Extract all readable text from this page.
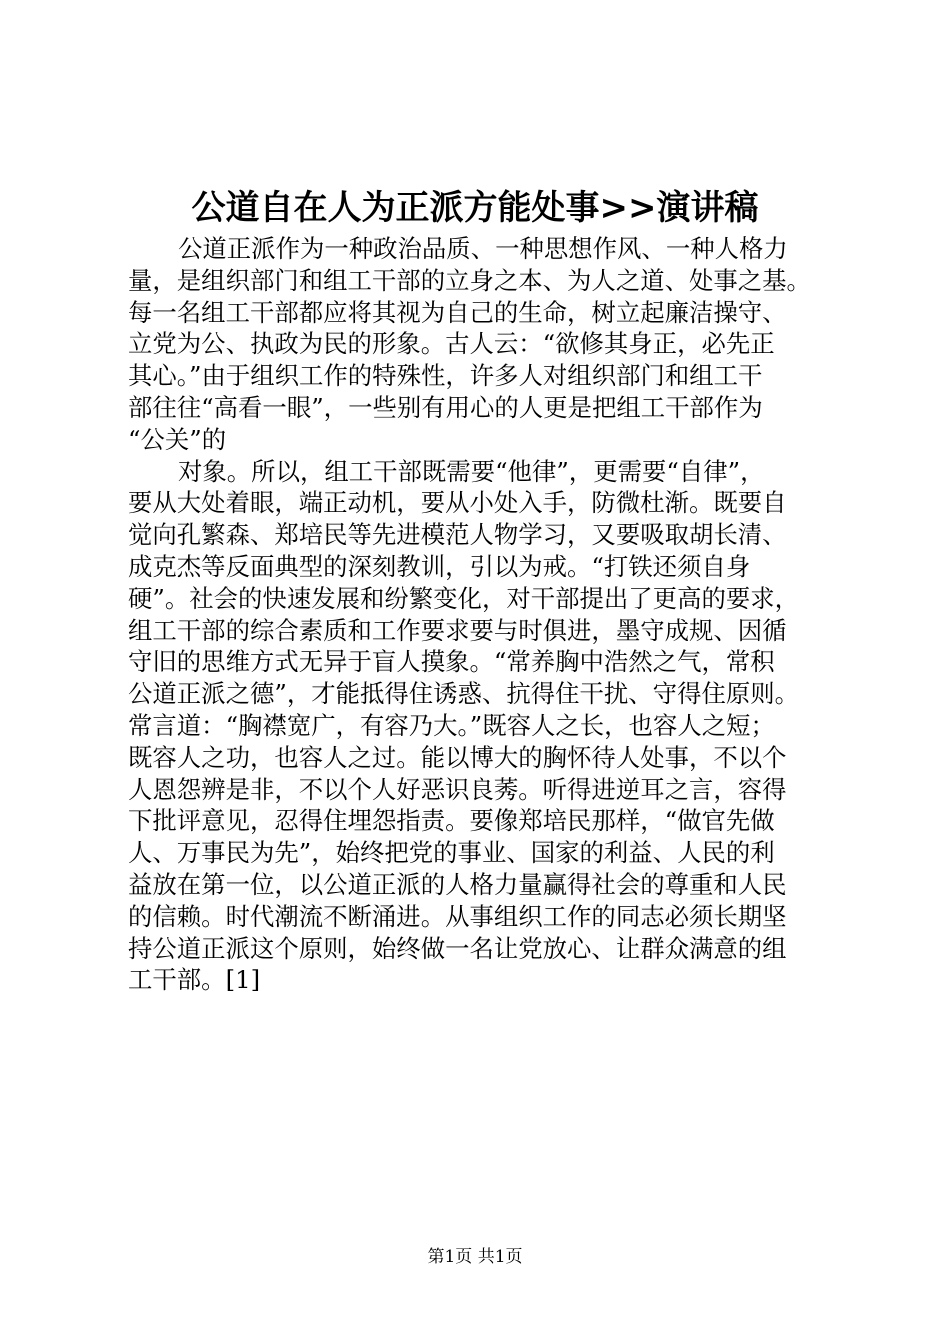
公道自在人为正派方能处事>>演讲稿
公道正派作为一种政治品质、一种思想作风、一种人格力
量，是组织部门和组工干部的立身之本、为人之道、处事之基。
每一名组工干部都应将其视为自己的生命，树立起廉洁操守、
立党为公、执政为民的形象。古人云：“欲修其身正，必先正
其心。”由于组织工作的特殊性，许多人对组织部门和组工干
部往往“高看一眼”，一些别有用心的人更是把组工干部作为
“公关”的
对象。所以，组工干部既需要“他律”，更需要“自律”，
要从大处着眼，端正动机，要从小处入手，防微杜渐。既要自
觉向孔繁森、郑培民等先进模范人物学习，又要吸取胡长清、
成克杰等反面典型的深刻教训，引以为戒。“打铁还须自身
硬”。社会的快速发展和纷繁变化，对干部提出了更高的要求，
组工干部的综合素质和工作要求要与时俱进，墨守成规、因循
守旧的思维方式无异于盲人摸象。“常养胸中浩然之气，常积
公道正派之德”，才能抵得住诱惑、抗得住干扰、守得住原则。
常言道：“胸襟宽广，有容乃大。”既容人之长，也容人之短；
既容人之功，也容人之过。能以博大的胸怀待人处事，不以个
人恩怨辨是非，不以个人好恶识良莠。听得进逆耳之言，容得
下批评意见，忍得住埋怨指责。要像郑培民那样，“做官先做
人、万事民为先”，始终把党的事业、国家的利益、人民的利
益放在第一位，以公道正派的人格力量赢得社会的尊重和人民
的信赖。时代潮流不断涌进。从事组织工作的同志必须长期坚
持公道正派这个原则，始终做一名让党放心、让群众满意的组
工干部。[1]
第1页 共1页
